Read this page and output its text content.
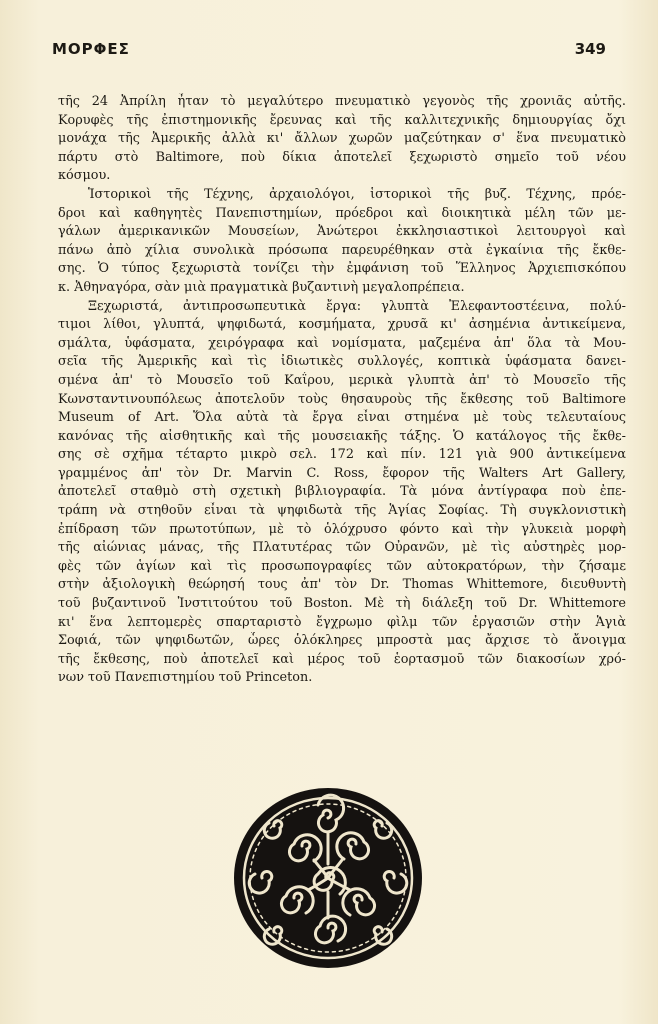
ΜΟΡΦΕΣ	349
τῆς 24 Ἀπρίλη ἦταν τὸ μεγαλύτερο πνευματικὸ γεγονὸς τῆς χρονιᾶς αὐτῆς.
Κορυφὲς τῆς ἐπιστημονικῆς ἔρευνας καὶ τῆς καλλιτεχνικῆς δημιουργίας ὄχι
μονάχα τῆς Ἀμερικῆς ἀλλὰ κι' ἄλλων χωρῶν μαζεύτηκαν σ' ἕνα πνευματικὸ
πάρτυ στὸ Baltimore, ποὺ δίκια ἀποτελεῖ ξεχωριστὸ σημεῖο τοῦ νέου
κόσμου.
Ἱστορικοὶ τῆς Τέχνης, ἀρχαιολόγοι, ἱστορικοὶ τῆς βυζ. Τέχνης, πρόε-
δροι καὶ καθηγητὲς Πανεπιστημίων, πρόεδροι καὶ διοικητικὰ μέλη τῶν με-
γάλων ἀμερικανικῶν Μουσείων, Ἀνώτεροι ἐκκλησιαστικοὶ λειτουργοὶ καὶ
πάνω ἀπὸ χίλια συνολικὰ πρόσωπα παρευρέθηκαν στὰ ἐγκαίνια τῆς ἔκθε-
σης. Ὁ τύπος ξεχωριστὰ τονίζει τὴν ἐμφάνιση τοῦ Ἕλληνος Ἀρχιεπισκόπου
κ. Ἀθηναγόρα, σὰν μιὰ πραγματικὰ βυζαντινὴ μεγαλοπρέπεια.
Ξεχωριστά, ἀντιπροσωπευτικὰ ἔργα: γλυπτὰ Ἐλεφαντοστέεινα, πολύ-
τιμοι λίθοι, γλυπτά, ψηφιδωτά, κοσμήματα, χρυσᾶ κι' ἀσημένια ἀντικείμενα,
σμάλτα, ὑφάσματα, χειρόγραφα καὶ νομίσματα, μαζεμένα ἀπ' ὅλα τὰ Μου-
σεῖα τῆς Ἀμερικῆς καὶ τὶς ἰδιωτικὲς συλλογές, κοπτικὰ ὑφάσματα δανει-
σμένα ἀπ' τὸ Μουσεῖο τοῦ Καΐρου, μερικὰ γλυπτὰ ἀπ' τὸ Μουσεῖο τῆς
Κωνσταντινουπόλεως ἀποτελοῦν τοὺς θησαυροὺς τῆς ἔκθεσης τοῦ Baltimore
Museum of Art. Ὅλα αὐτὰ τὰ ἔργα εἶναι στημένα μὲ τοὺς τελευταίους
κανόνας τῆς αἰσθητικῆς καὶ τῆς μουσειακῆς τάξης. Ὁ κατάλογος τῆς ἔκθε-
σης σὲ σχῆμα τέταρτο μικρὸ σελ. 172 καὶ πίν. 121 γιὰ 900 ἀντικείμενα
γραμμένος ἀπ' τὸν Dr. Marvin C. Ross, ἔφορον τῆς Walters Art Gallery,
ἀποτελεῖ σταθμὸ στὴ σχετικὴ βιβλιογραφία. Τὰ μόνα ἀντίγραφα ποὺ ἐπε-
τράπη νὰ στηθοῦν εἶναι τὰ ψηφιδωτὰ τῆς Ἁγίας Σοφίας. Τὴ συγκλονιστικὴ
ἐπίδραση τῶν πρωτοτύπων, μὲ τὸ ὁλόχρυσο φόντο καὶ τὴν γλυκειὰ μορφὴ
τῆς αἰώνιας μάνας, τῆς Πλατυτέρας τῶν Οὐρανῶν, μὲ τὶς αὐστηρὲς μορ-
φὲς τῶν ἁγίων καὶ τὶς προσωπογραφίες τῶν αὐτοκρατόρων, τὴν ζήσαμε
στὴν ἀξιολογικὴ θεώρησή τους ἀπ' τὸν Dr. Thomas Whittemore, διευθυντὴ
τοῦ βυζαντινοῦ Ἰνστιτούτου τοῦ Boston. Μὲ τὴ διάλεξη τοῦ Dr. Whittemore
κι' ἕνα λεπτομερὲς σπαρταριστὸ ἔγχρωμο φὶλμ τῶν ἐργασιῶν στὴν Ἁγιὰ
Σοφιά, τῶν ψηφιδωτῶν, ὧρες ὁλόκληρες μπροστὰ μας ἄρχισε τὸ ἄνοιγμα
τῆς ἔκθεσης, ποὺ ἀποτελεῖ καὶ μέρος τοῦ ἑορτασμοῦ τῶν διακοσίων χρό-
νων τοῦ Πανεπιστημίου τοῦ Princeton.
